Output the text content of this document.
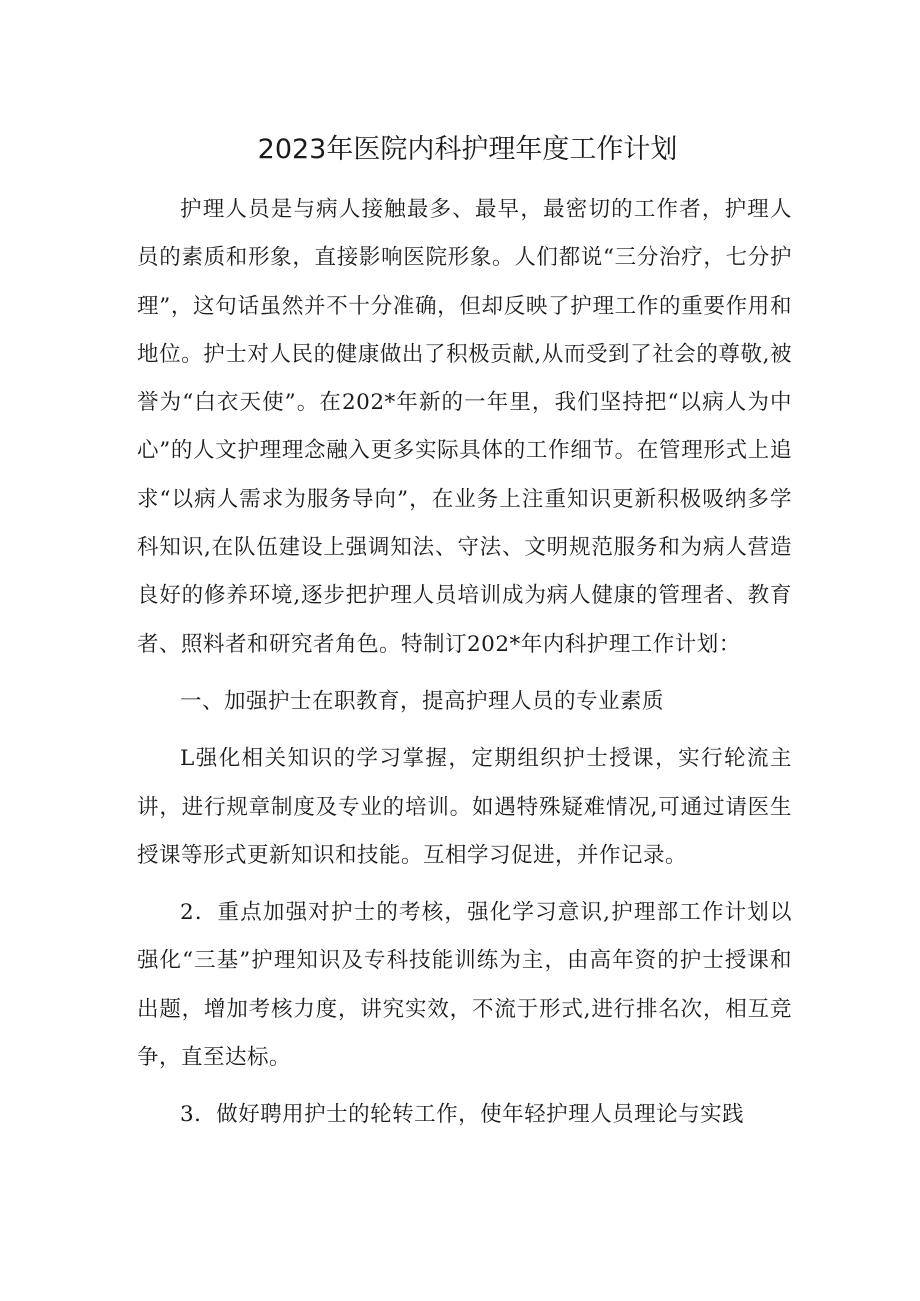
2023年医院内科护理年度工作计划

护理人员是与病人接触最多、最早，最密切的工作者，护理人员的素质和形象，直接影响医院形象。人们都说“三分治疗，七分护理”，这句话虽然并不十分准确，但却反映了护理工作的重要作用和地位。护士对人民的健康做出了积极贡献,从而受到了社会的尊敬,被誉为“白衣天使”。在202*年新的一年里，我们坚持把“以病人为中心”的人文护理理念融入更多实际具体的工作细节。在管理形式上追求“以病人需求为服务导向”，在业务上注重知识更新积极吸纳多学科知识,在队伍建设上强调知法、守法、文明规范服务和为病人营造良好的修养环境,逐步把护理人员培训成为病人健康的管理者、教育者、照料者和研究者角色。特制订202*年内科护理工作计划：

一、加强护士在职教育，提高护理人员的专业素质

L强化相关知识的学习掌握，定期组织护士授课，实行轮流主讲，进行规章制度及专业的培训。如遇特殊疑难情况,可通过请医生授课等形式更新知识和技能。互相学习促进，并作记录。

2．重点加强对护士的考核，强化学习意识,护理部工作计划以强化“三基”护理知识及专科技能训练为主，由高年资的护士授课和出题，增加考核力度，讲究实效，不流于形式,进行排名次，相互竞争，直至达标。

3．做好聘用护士的轮转工作，使年轻护理人员理论与实践
